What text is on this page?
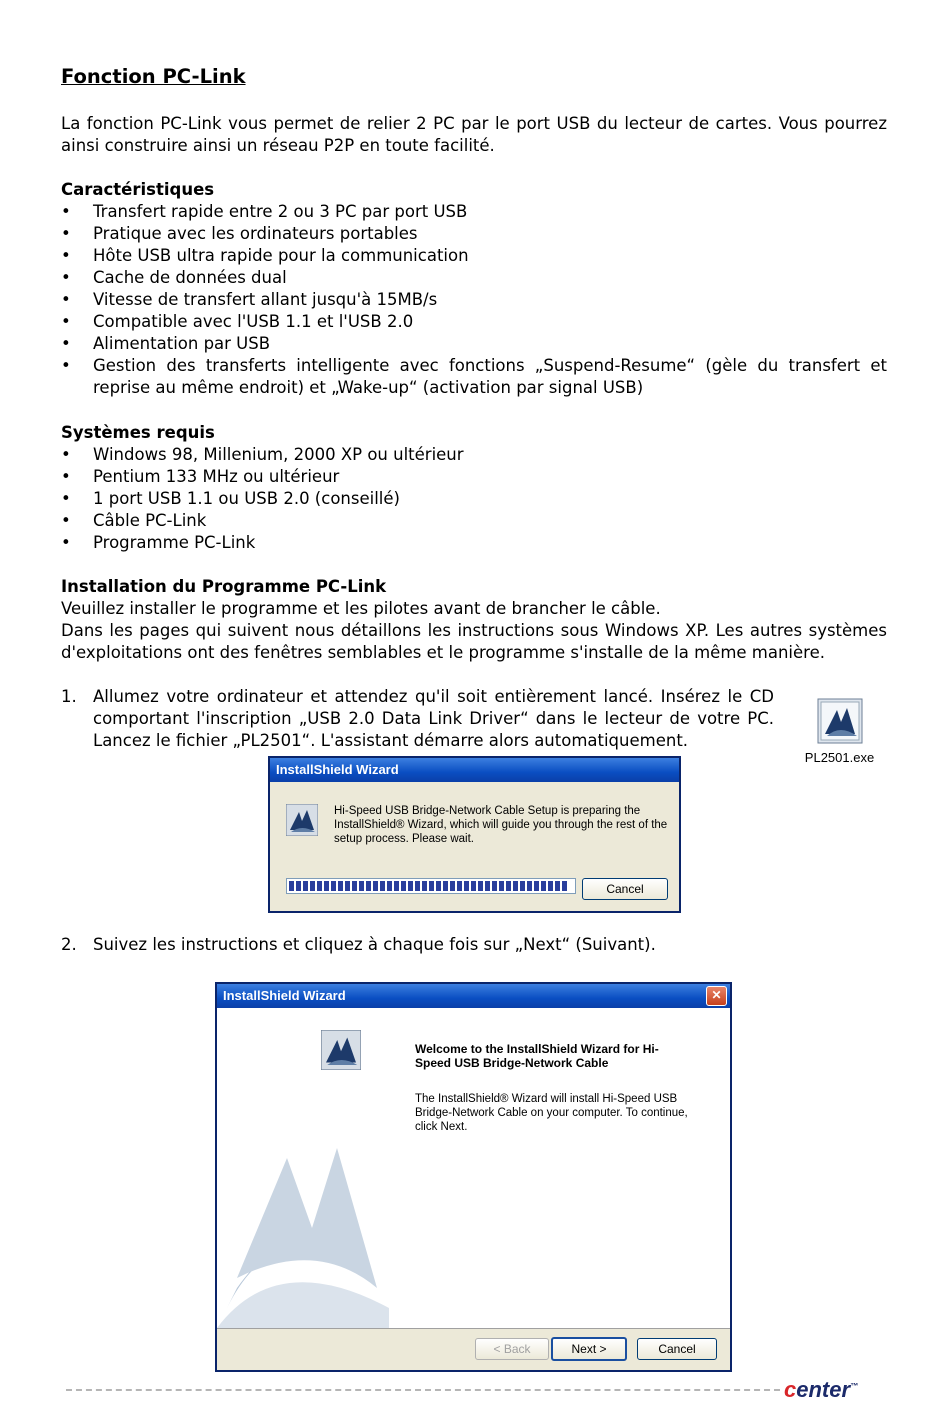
Fonction PC-Link

La fonction PC-Link vous permet de relier 2 PC par le port USB du lecteur de cartes. Vous pourrez ainsi construire ainsi un réseau P2P en toute facilité.

Caractéristiques

• Transfert rapide entre 2 ou 3 PC par port USB
• Pratique avec les ordinateurs portables
• Hôte USB ultra rapide pour la communication
• Cache de données dual
• Vitesse de transfert allant jusqu'à 15MB/s
• Compatible avec l'USB 1.1 et l'USB 2.0
• Alimentation par USB
• Gestion des transferts intelligente avec fonctions „Suspend-Resume“ (gèle du transfert et reprise au même endroit) et „Wake-up“ (activation par signal USB)

Systèmes requis

• Windows 98, Millenium, 2000 XP ou ultérieur
• Pentium 133 MHz ou ultérieur
• 1 port USB 1.1 ou USB 2.0 (conseillé)
• Câble PC-Link
• Programme PC-Link

Installation du Programme PC-Link

Veuillez installer le programme et les pilotes avant de brancher le câble.

Dans les pages qui suivent nous détaillons les instructions sous Windows XP. Les autres systèmes d'exploitations ont des fenêtres semblables et le programme s'installe de la même manière.

1. Allumez votre ordinateur et attendez qu'il soit entièrement lancé. Insérez le CD comportant l'inscription „USB 2.0 Data Link Driver“ dans le lecteur de votre PC. Lancez le fichier „PL2501“. L'assistant démarre alors automatiquement.
2. Suivez les instructions et cliquez à chaque fois sur „Next“ (Suivant).
PL2501.exe
InstallShield Wizard
Hi-Speed USB Bridge-Network Cable Setup is preparing the InstallShield® Wizard, which will guide you through the rest of the setup process. Please wait.
Cancel
InstallShield Wizard	✕
Welcome to the InstallShield Wizard for Hi-Speed USB Bridge-Network Cable
The InstallShield® Wizard will install Hi-Speed USB Bridge-Network Cable on your computer. To continue, click Next.
< Back	Next >	Cancel
center™
